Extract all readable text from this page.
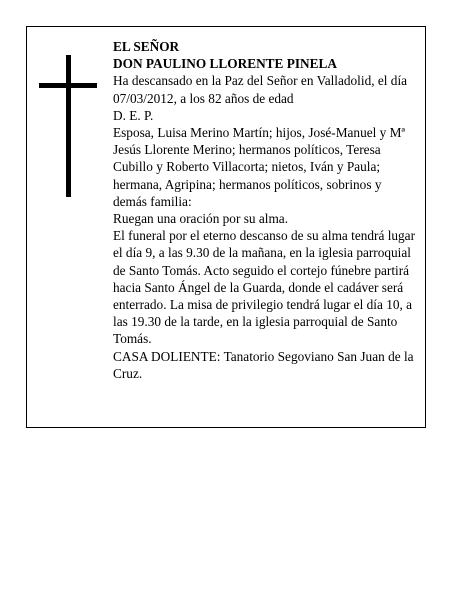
EL SEÑOR

DON PAULINO LLORENTE PINELA

Ha descansado en la Paz del Señor en Valladolid, el día 07/03/2012, a los 82 años de edad

D. E. P.

Esposa, Luisa Merino Martín; hijos, José-Manuel y Mª Jesús Llorente Merino; hermanos políticos, Teresa Cubillo y Roberto Villacorta; nietos, Iván y Paula; hermana, Agripina; hermanos políticos, sobrinos y demás familia:

Ruegan una oración por su alma.

El funeral por el eterno descanso de su alma tendrá lugar el día 9, a las 9.30 de la mañana, en la iglesia parroquial de Santo Tomás. Acto seguido el cortejo fúnebre partirá hacia Santo Ángel de la Guarda, donde el cadáver será enterrado. La misa de privilegio tendrá lugar el día 10, a las 19.30 de la tarde, en la iglesia parroquial de Santo Tomás.

CASA DOLIENTE: Tanatorio Segoviano San Juan de la Cruz.
